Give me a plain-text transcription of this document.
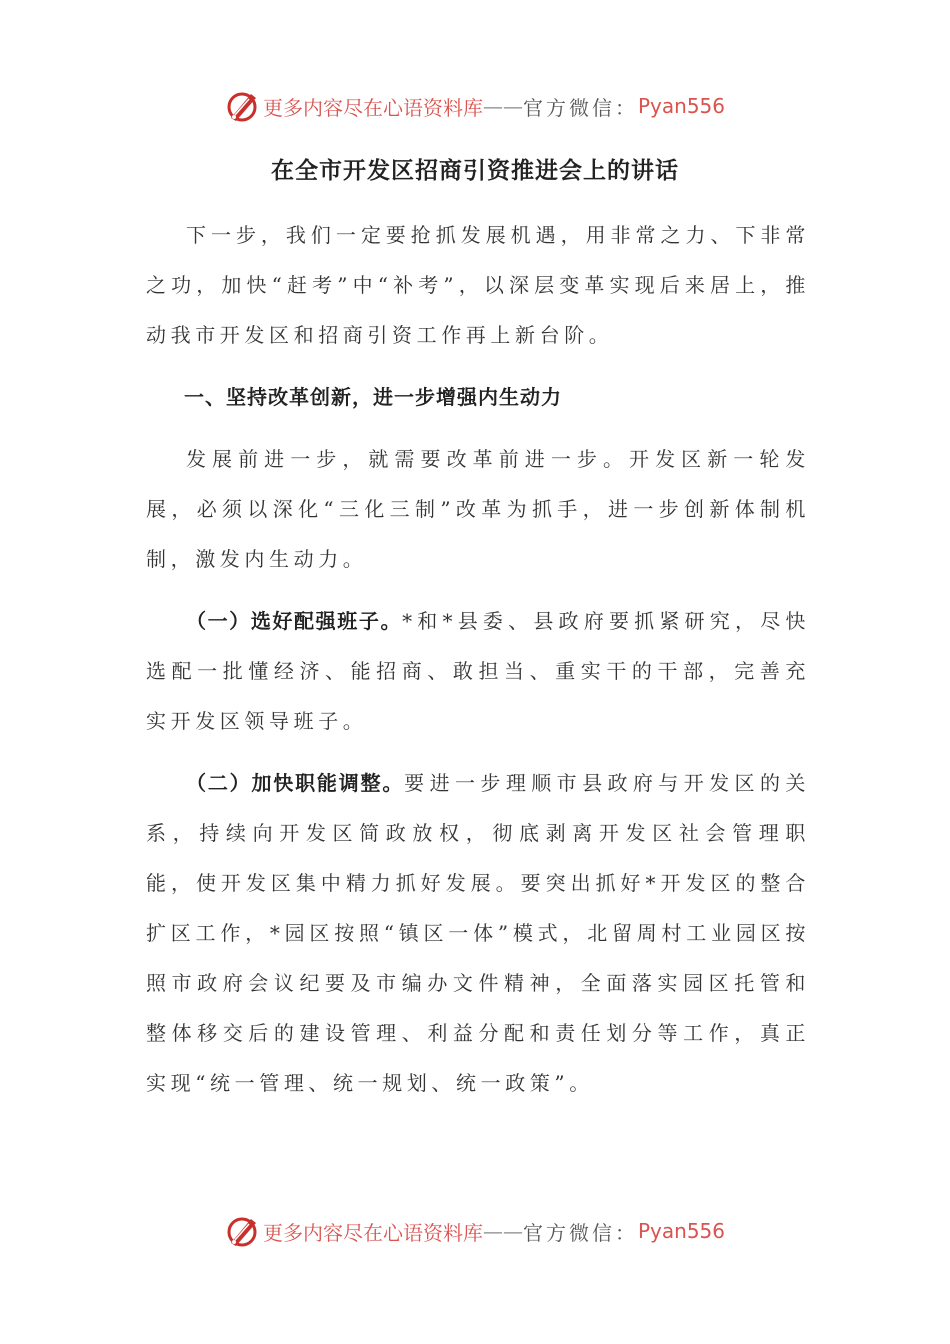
更多内容尽在心语资料库 —— 官方微信： Pyan556
在全市开发区招商引资推进会上的讲话

下一步，我们一定要抢抓发展机遇，用非常之力、下非常之功，加快“赶考”中“补考”，以深层变革实现后来居上，推动我市开发区和招商引资工作再上新台阶。

一、坚持改革创新，进一步增强内生动力

发展前进一步，就需要改革前进一步。开发区新一轮发展，必须以深化“三化三制”改革为抓手，进一步创新体制机制，激发内生动力。

（一）选好配强班子。*和*县委、县政府要抓紧研究，尽快选配一批懂经济、能招商、敢担当、重实干的干部，完善充实开发区领导班子。

（二）加快职能调整。要进一步理顺市县政府与开发区的关系，持续向开发区简政放权，彻底剥离开发区社会管理职能，使开发区集中精力抓好发展。要突出抓好*开发区的整合扩区工作，*园区按照“镇区一体”模式，北留周村工业园区按照市政府会议纪要及市编办文件精神，全面落实园区托管和整体移交后的建设管理、利益分配和责任划分等工作，真正实现“统一管理、统一规划、统一政策”。

更多内容尽在心语资料库 —— 官方微信： Pyan556
